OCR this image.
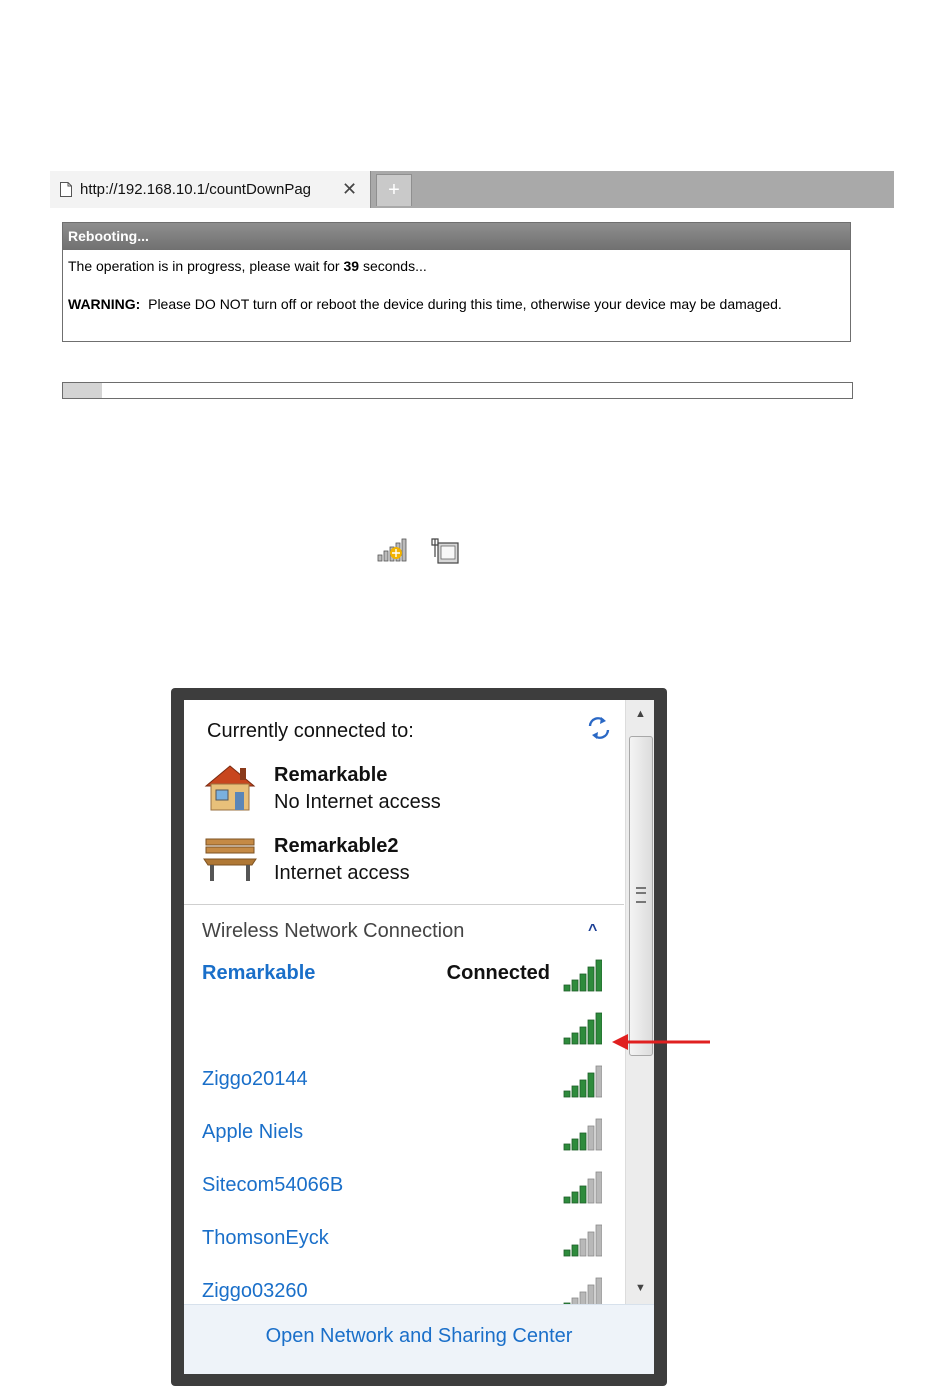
http://192.168.10.1/countDownPag	✕	+
Rebooting...
The operation is in progress, please wait for 39 seconds...
WARNING: Please DO NOT turn off or reboot the device during this time, otherwise your device may be damaged.
Currently connected to:
Remarkable
No Internet access
Remarkable2
Internet access
Wireless Network Connection	^
Remarkable	Connected
Ziggo20144
Apple Niels
Sitecom54066B
ThomsonEyck
Ziggo03260
▲
▼
Open Network and Sharing Center
